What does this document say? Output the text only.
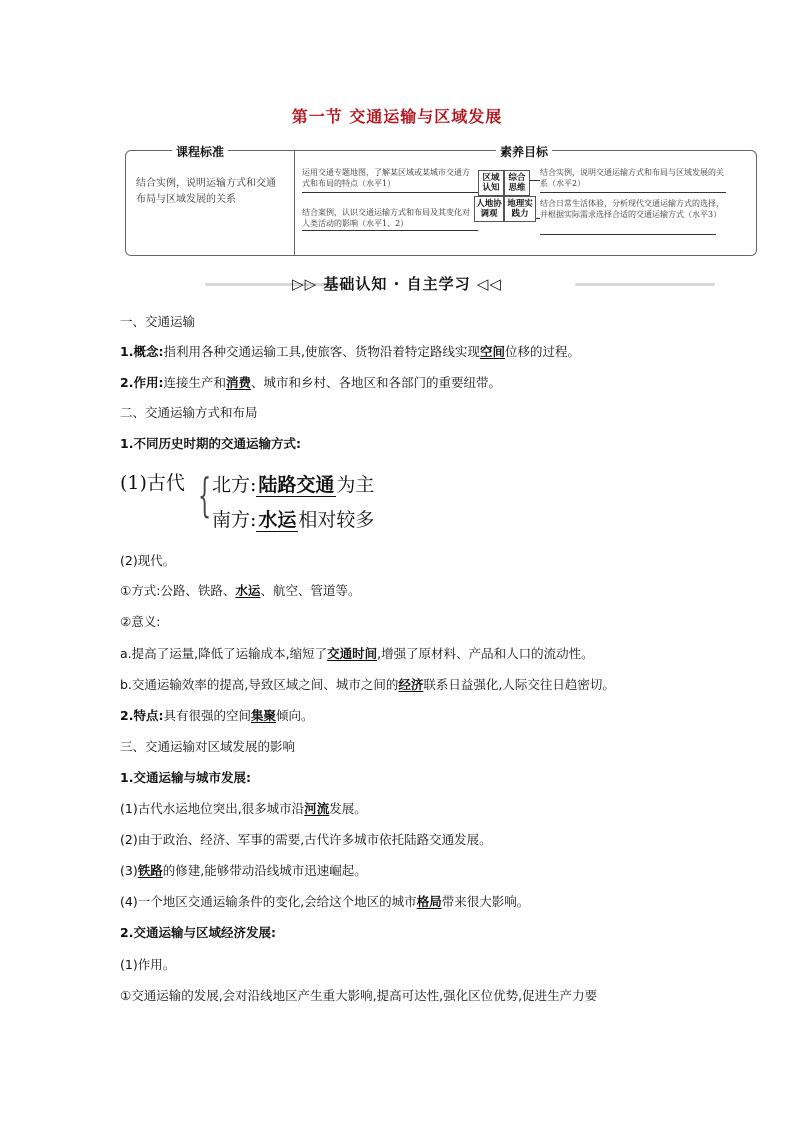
第一节 交通运输与区域发展
课程标准	素养目标
结合实例，说明运输方式和交通布局与区域发展的关系
运用交通专题地图，了解某区域或某城市交通方式和布局的特点（水平1）
结合案例，认识交通运输方式和布局及其变化对人类活动的影响（水平1、2）
区域认知
综合思维
人地协调观
地理实践力
结合实例，说明交通运输方式和布局与区域发展的关系（水平2）
结合日常生活体验，分析现代交通运输方式的选择，并根据实际需求选择合适的交通运输方式（水平3）
▷▷ 基础认知 · 自主学习 ◁◁
一、交通运输
1.概念:指利用各种交通运输工具,使旅客、货物沿着特定路线实现空间位移的过程。
2.作用:连接生产和消费、城市和乡村、各地区和各部门的重要纽带。
二、交通运输方式和布局
1.不同历史时期的交通运输方式:
(1)古代 { 北方: 陆路交通 为主
南方: 水运 相对较多
(2)现代。
①方式:公路、铁路、水运、航空、管道等。
②意义:
a.提高了运量,降低了运输成本,缩短了交通时间,增强了原材料、产品和人口的流动性。
b.交通运输效率的提高,导致区域之间、城市之间的经济联系日益强化,人际交往日趋密切。
2.特点:具有很强的空间集聚倾向。
三、交通运输对区域发展的影响
1.交通运输与城市发展:
(1)古代水运地位突出,很多城市沿河流发展。
(2)由于政治、经济、军事的需要,古代许多城市依托陆路交通发展。
(3)铁路的修建,能够带动沿线城市迅速崛起。
(4)一个地区交通运输条件的变化,会给这个地区的城市格局带来很大影响。
2.交通运输与区域经济发展:
(1)作用。
①交通运输的发展,会对沿线地区产生重大影响,提高可达性,强化区位优势,促进生产力要
